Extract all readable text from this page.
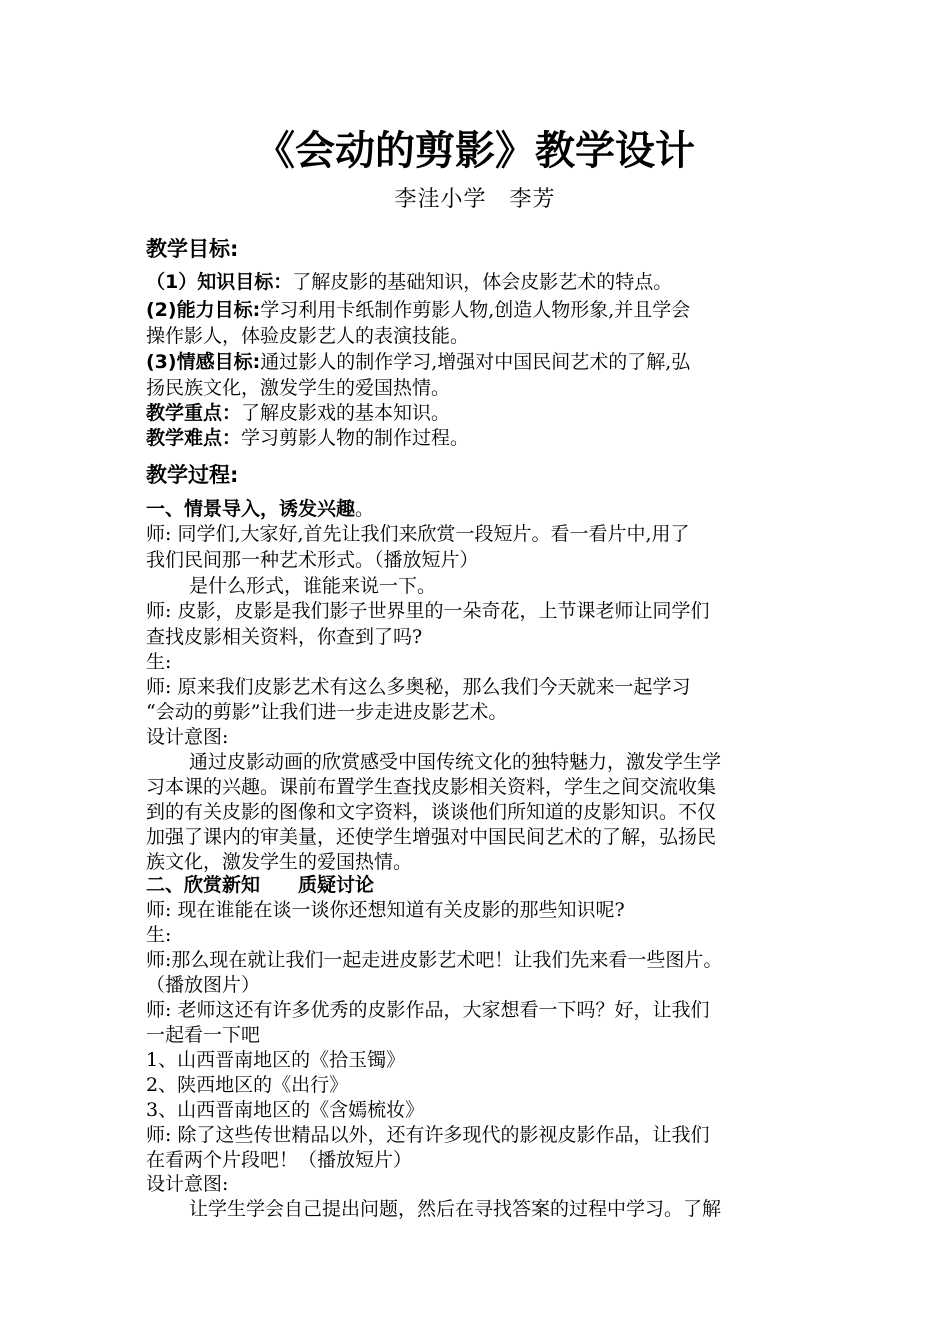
《会动的剪影》教学设计
李洼小学　李芳
教学目标:
（1）知识目标：了解皮影的基础知识，体会皮影艺术的特点。
(2)能力目标:学习利用卡纸制作剪影人物,创造人物形象,并且学会
操作影人，体验皮影艺人的表演技能。
(3)情感目标:通过影人的制作学习,增强对中国民间艺术的了解,弘
扬民族文化，激发学生的爱国热情。
教学重点：了解皮影戏的基本知识。
教学难点：学习剪影人物的制作过程。
教学过程:
一、情景导入，诱发兴趣。
师: 同学们,大家好,首先让我们来欣赏一段短片。看一看片中,用了
我们民间那一种艺术形式。（播放短片）
是什么形式，谁能来说一下。
师: 皮影，皮影是我们影子世界里的一朵奇花，上节课老师让同学们
查找皮影相关资料，你查到了吗?
生:
师: 原来我们皮影艺术有这么多奥秘，那么我们今天就来一起学习
“会动的剪影”让我们进一步走进皮影艺术。
设计意图:
通过皮影动画的欣赏感受中国传统文化的独特魅力，激发学生学
习本课的兴趣。课前布置学生查找皮影相关资料，学生之间交流收集
到的有关皮影的图像和文字资料，谈谈他们所知道的皮影知识。不仅
加强了课内的审美量，还使学生增强对中国民间艺术的了解，弘扬民
族文化，激发学生的爱国热情。
二、欣赏新知　　质疑讨论
师: 现在谁能在谈一谈你还想知道有关皮影的那些知识呢?
生:
师:那么现在就让我们一起走进皮影艺术吧！让我们先来看一些图片。
（播放图片）
师: 老师这还有许多优秀的皮影作品，大家想看一下吗？好，让我们
一起看一下吧
1、山西晋南地区的《拾玉镯》
2、陕西地区的《出行》
3、山西晋南地区的《含嫣梳妆》
师: 除了这些传世精品以外，还有许多现代的影视皮影作品，让我们
在看两个片段吧！（播放短片）
设计意图:
让学生学会自己提出问题，然后在寻找答案的过程中学习。了解
